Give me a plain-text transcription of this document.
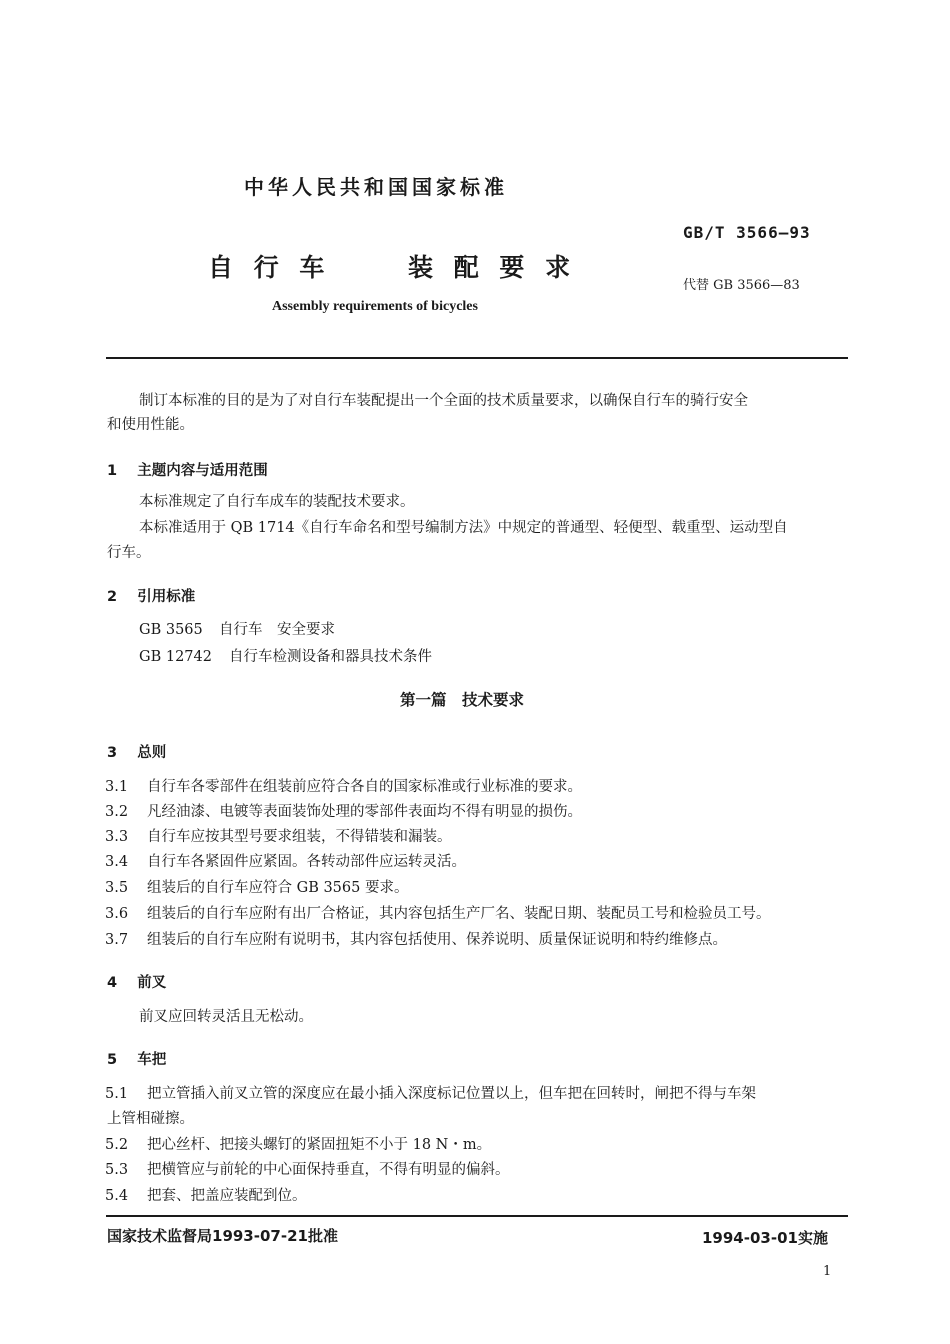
中华人民共和国国家标准
GB/T 3566—93
自 行 车	装 配 要 求
代替 GB 3566—83
Assembly requirements of bicycles
制订本标准的目的是为了对自行车装配提出一个全面的技术质量要求，以确保自行车的骑行安全
和使用性能。
1 主题内容与适用范围
本标准规定了自行车成车的装配技术要求。
本标准适用于 QB 1714《自行车命名和型号编制方法》中规定的普通型、轻便型、载重型、运动型自
行车。
2 引用标准
GB 3565 自行车　安全要求
GB 12742 自行车检测设备和器具技术条件
第一篇　技术要求
3 总则
3.1 自行车各零部件在组装前应符合各自的国家标准或行业标准的要求。
3.2 凡经油漆、电镀等表面装饰处理的零部件表面均不得有明显的损伤。
3.3 自行车应按其型号要求组装，不得错装和漏装。
3.4 自行车各紧固件应紧固。各转动部件应运转灵活。
3.5 组装后的自行车应符合 GB 3565 要求。
3.6 组装后的自行车应附有出厂合格证，其内容包括生产厂名、装配日期、装配员工号和检验员工号。
3.7 组装后的自行车应附有说明书，其内容包括使用、保养说明、质量保证说明和特约维修点。
4 前叉
前叉应回转灵活且无松动。
5 车把
5.1 把立管插入前叉立管的深度应在最小插入深度标记位置以上，但车把在回转时，闸把不得与车架
上管相碰擦。
5.2 把心丝杆、把接头螺钉的紧固扭矩不小于 18 N・m。
5.3 把横管应与前轮的中心面保持垂直，不得有明显的偏斜。
5.4 把套、把盖应装配到位。
国家技术监督局1993-07-21批准	1994-03-01实施
1
